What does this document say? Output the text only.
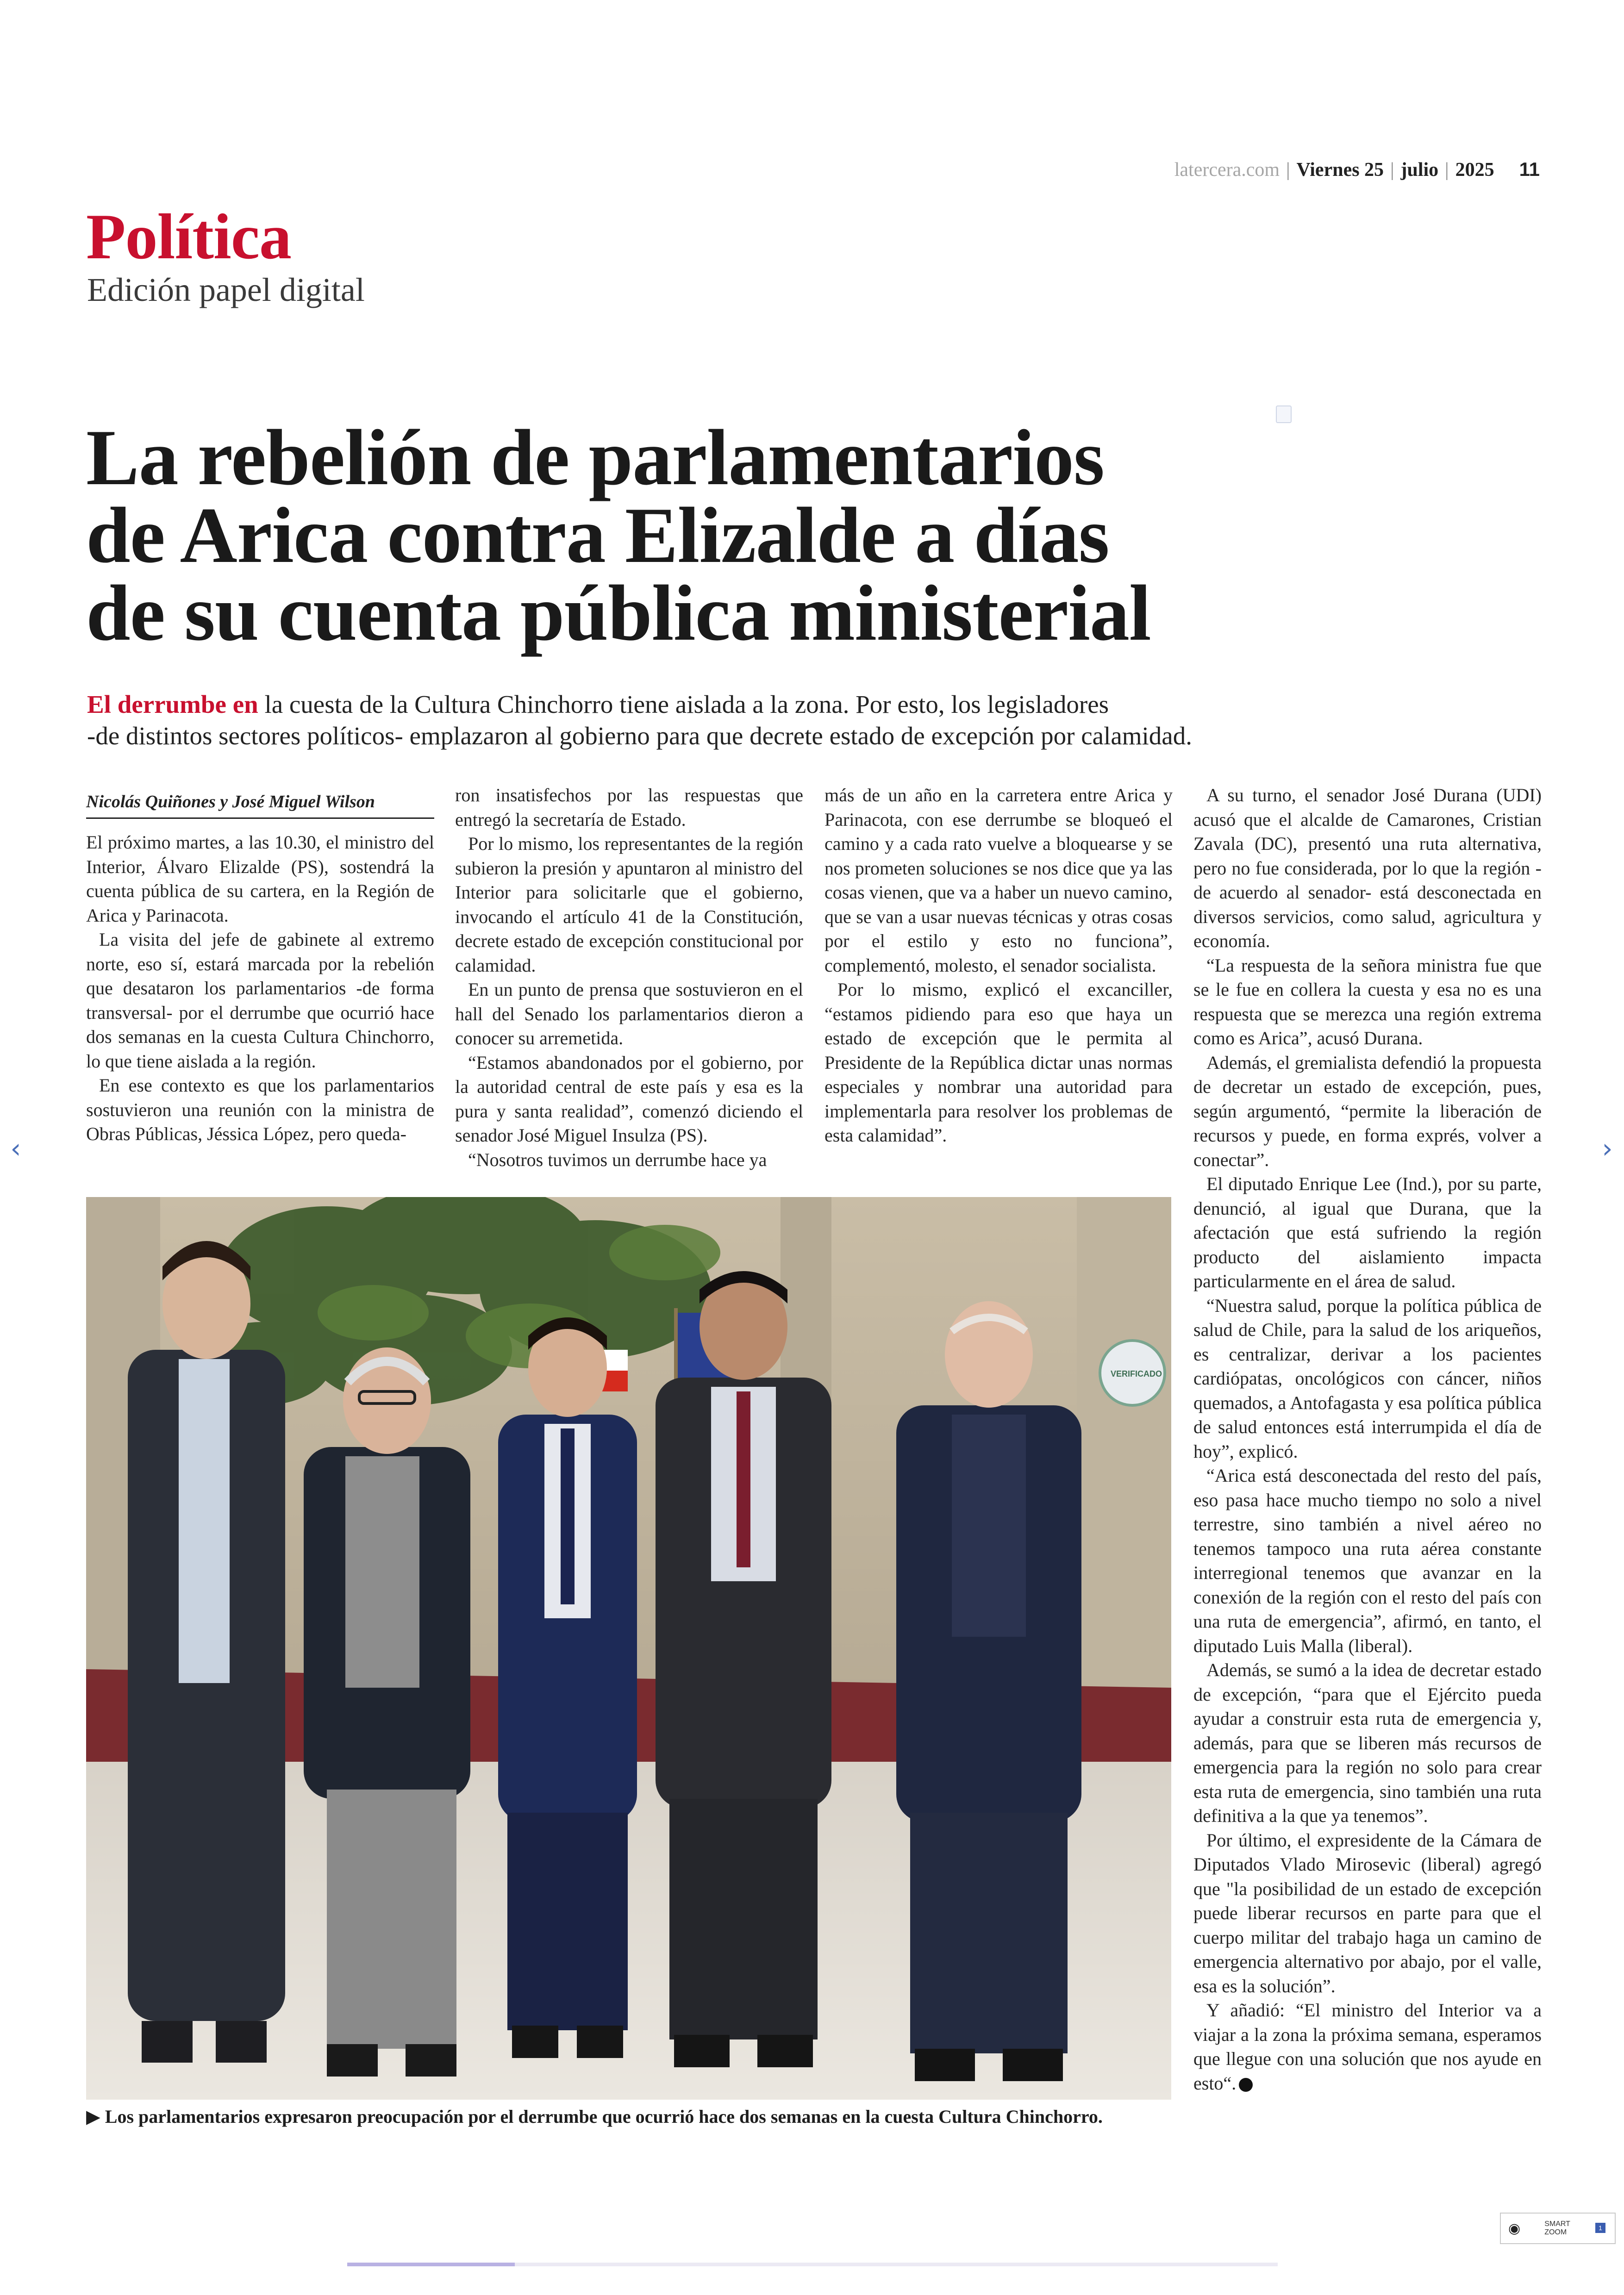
latercera.com | Viernes 25 | julio | 2025 11
Política
Edición papel digital
La rebelión de parlamentarios
de Arica contra Elizalde a días
de su cuenta pública ministerial
El derrumbe en la cuesta de la Cultura Chinchorro tiene aislada a la zona. Por esto, los legisladores
-de distintos sectores políticos- emplazaron al gobierno para que decrete estado de excepción por calamidad.
Nicolás Quiñones y José Miguel Wilson

El próximo martes, a las 10.30, el ministro del Interior, Álvaro Elizalde (PS), sostendrá la cuenta pública de su cartera, en la Región de Arica y Parinacota.

La visita del jefe de gabinete al extremo norte, eso sí, estará marcada por la rebelión que desataron los parlamentarios -de forma transversal- por el derrumbe que ocurrió hace dos semanas en la cuesta Cultura Chinchorro, lo que tiene aislada a la región.

En ese contexto es que los parlamentarios sostuvieron una reunión con la ministra de Obras Públicas, Jéssica López, pero queda-

ron insatisfechos por las respuestas que entregó la secretaría de Estado.

Por lo mismo, los representantes de la región subieron la presión y apuntaron al ministro del Interior para solicitarle que el gobierno, invocando el artículo 41 de la Constitución, decrete estado de excepción constitucional por calamidad.

En un punto de prensa que sostuvieron en el hall del Senado los parlamentarios dieron a conocer su arremetida.

“Estamos abandonados por el gobierno, por la autoridad central de este país y esa es la pura y santa realidad”, comenzó diciendo el senador José Miguel Insulza (PS).

“Nosotros tuvimos un derrumbe hace ya

más de un año en la carretera entre Arica y Parinacota, con ese derrumbe se bloqueó el camino y a cada rato vuelve a bloquearse y se nos prometen soluciones se nos dice que ya las cosas vienen, que va a haber un nuevo camino, que se van a usar nuevas técnicas y otras cosas por el estilo y esto no funciona”, complementó, molesto, el senador socialista.

Por lo mismo, explicó el excanciller, “estamos pidiendo para eso que haya un estado de excepción que le permita al Presidente de la República dictar unas normas especiales y nombrar una autoridad para implementarla para resolver los problemas de esta calamidad”.

A su turno, el senador José Durana (UDI) acusó que el alcalde de Camarones, Cristian Zavala (DC), presentó una ruta alternativa, pero no fue considerada, por lo que la región -de acuerdo al senador- está desconectada en diversos servicios, como salud, agricultura y economía.

“La respuesta de la señora ministra fue que se le fue en collera la cuesta y esa no es una respuesta que se merezca una región extrema como es Arica”, acusó Durana.

Además, el gremialista defendió la propuesta de decretar un estado de excepción, pues, según argumentó, “permite la liberación de recursos y puede, en forma exprés, volver a conectar”.

El diputado Enrique Lee (Ind.), por su parte, denunció, al igual que Durana, que la afectación que está sufriendo la región producto del aislamiento impacta particularmente en el área de salud.

“Nuestra salud, porque la política pública de salud de Chile, para la salud de los ariqueños, es centralizar, derivar a los pacientes cardiópatas, oncológicos con cáncer, niños quemados, a Antofagasta y esa política pública de salud entonces está interrumpida el día de hoy”, explicó.

“Arica está desconectada del resto del país, eso pasa hace mucho tiempo no solo a nivel terrestre, sino también a nivel aéreo no tenemos tampoco una ruta aérea constante interregional tenemos que avanzar en la conexión de la región con el resto del país con una ruta de emergencia”, afirmó, en tanto, el diputado Luis Malla (liberal).

Además, se sumó a la idea de decretar estado de excepción, “para que el Ejército pueda ayudar a construir esta ruta de emergencia y, además, para que se liberen más recursos de emergencia para la región no solo para crear esta ruta de emergencia, sino también una ruta definitiva a la que ya tenemos”.

Por último, el expresidente de la Cámara de Diputados Vlado Mirosevic (liberal) agregó que "la posibilidad de un estado de excepción puede liberar recursos en parte para que el cuerpo militar del trabajo haga un camino de emergencia alternativo por abajo, por el valle, esa es la solución”.

Y añadió: “El ministro del Interior va a viajar a la zona la próxima semana, esperamos que llegue con una solución que nos ayude en esto“.

VERIFICADO
▶ Los parlamentarios expresaron preocupación por el derrumbe que ocurrió hace dos semanas en la cuesta Cultura Chinchorro.
‹	›
◉	SMART
ZOOM
1
